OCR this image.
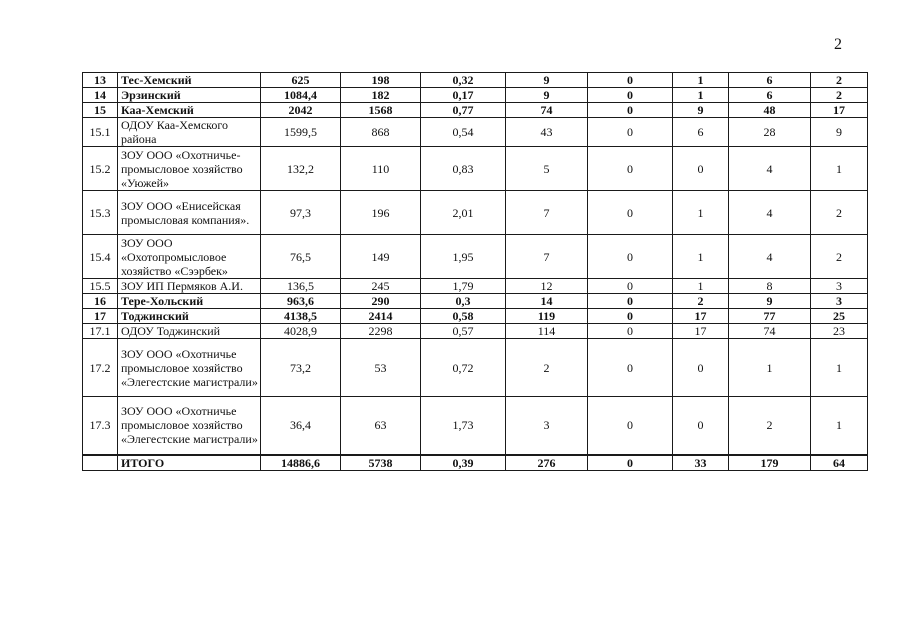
2
13	Тес-Хемский	625	198	0,32	9	0	1	6	2
14	Эрзинский	1084,4	182	0,17	9	0	1	6	2
15	Каа-Хемский	2042	1568	0,77	74	0	9	48	17
15.1	ОДОУ Каа-Хемского района	1599,5	868	0,54	43	0	6	28	9
15.2	ЗОУ ООО «Охотничье-промысловое хозяйство «Уюжей»	132,2	110	0,83	5	0	0	4	1
15.3	ЗОУ ООО «Енисейская промысловая компания».	97,3	196	2,01	7	0	1	4	2
15.4	ЗОУ ООО «Охотопромысловое хозяйство «Сээрбек»	76,5	149	1,95	7	0	1	4	2
15.5	ЗОУ ИП Пермяков А.И.	136,5	245	1,79	12	0	1	8	3
16	Тере-Хольский	963,6	290	0,3	14	0	2	9	3
17	Тоджинский	4138,5	2414	0,58	119	0	17	77	25
17.1	ОДОУ Тоджинский	4028,9	2298	0,57	114	0	17	74	23
17.2	ЗОУ ООО «Охотничье промысловое хозяйство «Элегестские магистрали»	73,2	53	0,72	2	0	0	1	1
17.3	ЗОУ ООО «Охотничье промысловое хозяйство «Элегестские магистрали»	36,4	63	1,73	3	0	0	2	1
	ИТОГО	14886,6	5738	0,39	276	0	33	179	64
